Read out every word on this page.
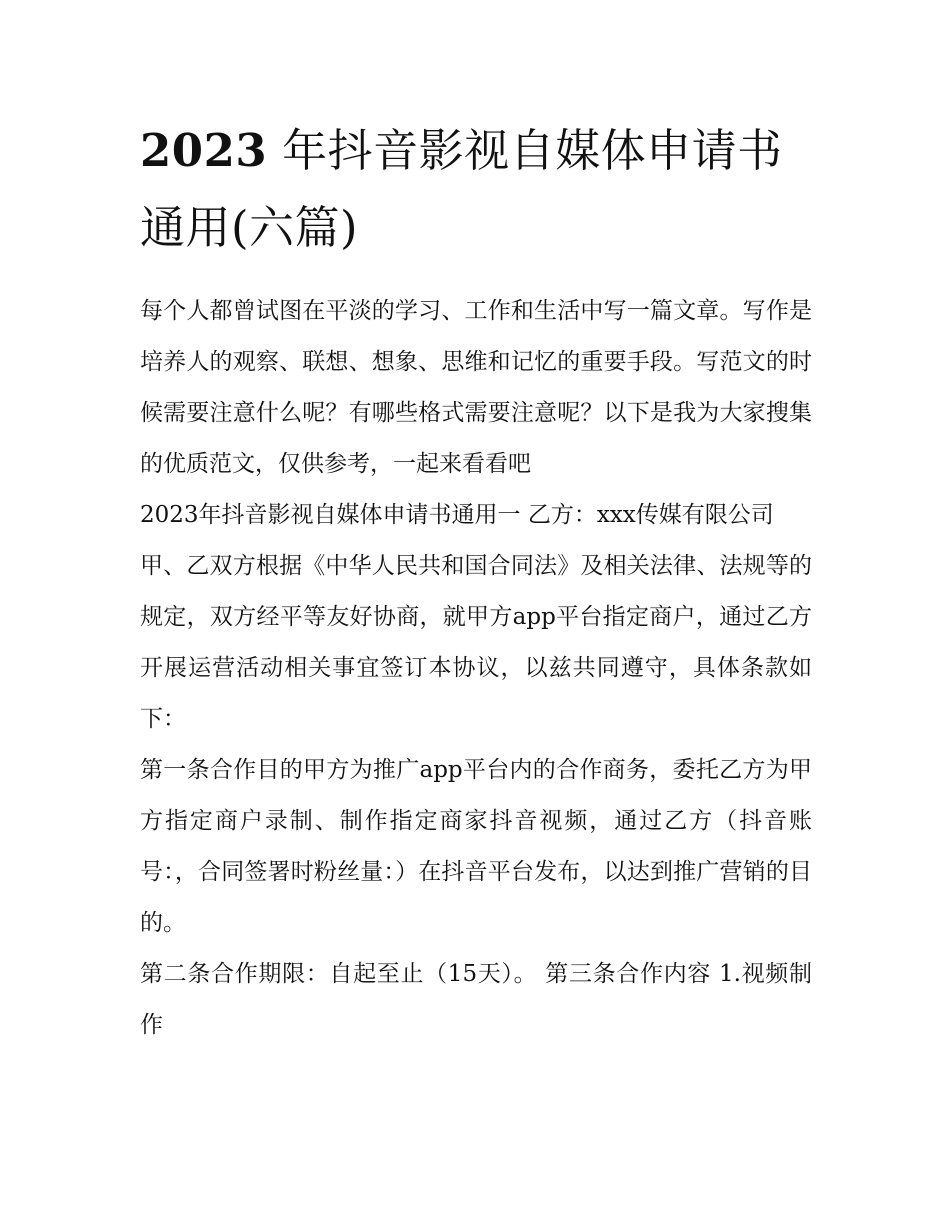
2023 年抖音影视自媒体申请书通用(六篇)

每个人都曾试图在平淡的学习、工作和生活中写一篇文章。写作是培养人的观察、联想、想象、思维和记忆的重要手段。写范文的时候需要注意什么呢？有哪些格式需要注意呢？以下是我为大家搜集的优质范文，仅供参考，一起来看看吧

2023年抖音影视自媒体申请书通用一 乙方：xxx传媒有限公司

甲、乙双方根据《中华人民共和国合同法》及相关法律、法规等的规定，双方经平等友好协商，就甲方app平台指定商户，通过乙方开展运营活动相关事宜签订本协议，以兹共同遵守，具体条款如下：

第一条合作目的甲方为推广app平台内的合作商务，委托乙方为甲方指定商户录制、制作指定商家抖音视频，通过乙方（抖音账号：，合同签署时粉丝量：）在抖音平台发布，以达到推广营销的目的。

第二条合作期限：自起至止（15天）。 第三条合作内容 1.视频制作
